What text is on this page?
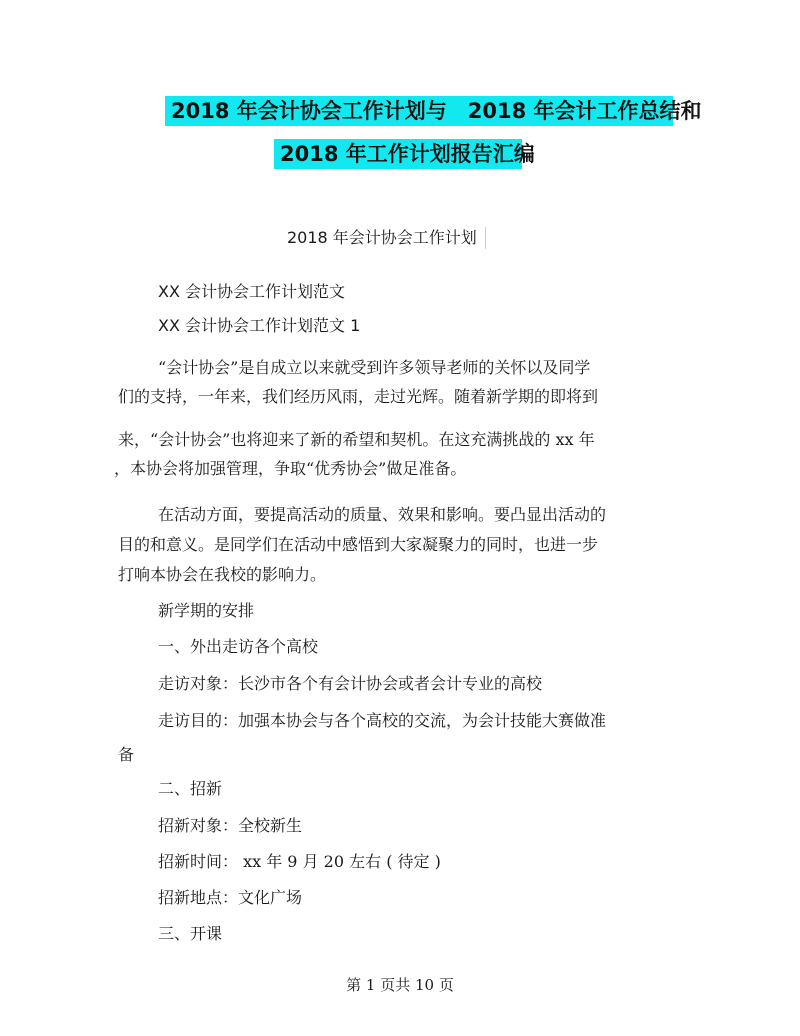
2018 年会计协会工作计划与　2018 年会计工作总结和
2018 年工作计划报告汇编
2018 年会计协会工作计划
XX 会计协会工作计划范文
XX 会计协会工作计划范文 1
“会计协会”是自成立以来就受到许多领导老师的关怀以及同学
们的支持，一年来，我们经历风雨，走过光辉。随着新学期的即将到
来，“会计协会”也将迎来了新的希望和契机。在这充满挑战的 xx 年
，本协会将加强管理，争取“优秀协会”做足准备。
在活动方面，要提高活动的质量、效果和影响。要凸显出活动的
目的和意义。是同学们在活动中感悟到大家凝聚力的同时，也进一步
打响本协会在我校的影响力。
新学期的安排
一、外出走访各个高校
走访对象：长沙市各个有会计协会或者会计专业的高校
走访目的：加强本协会与各个高校的交流，为会计技能大赛做准
备
二、招新
招新对象：全校新生
招新时间： xx 年 9 月 20 左右 ( 待定 )
招新地点：文化广场
三、开课
第 1 页共 10 页
